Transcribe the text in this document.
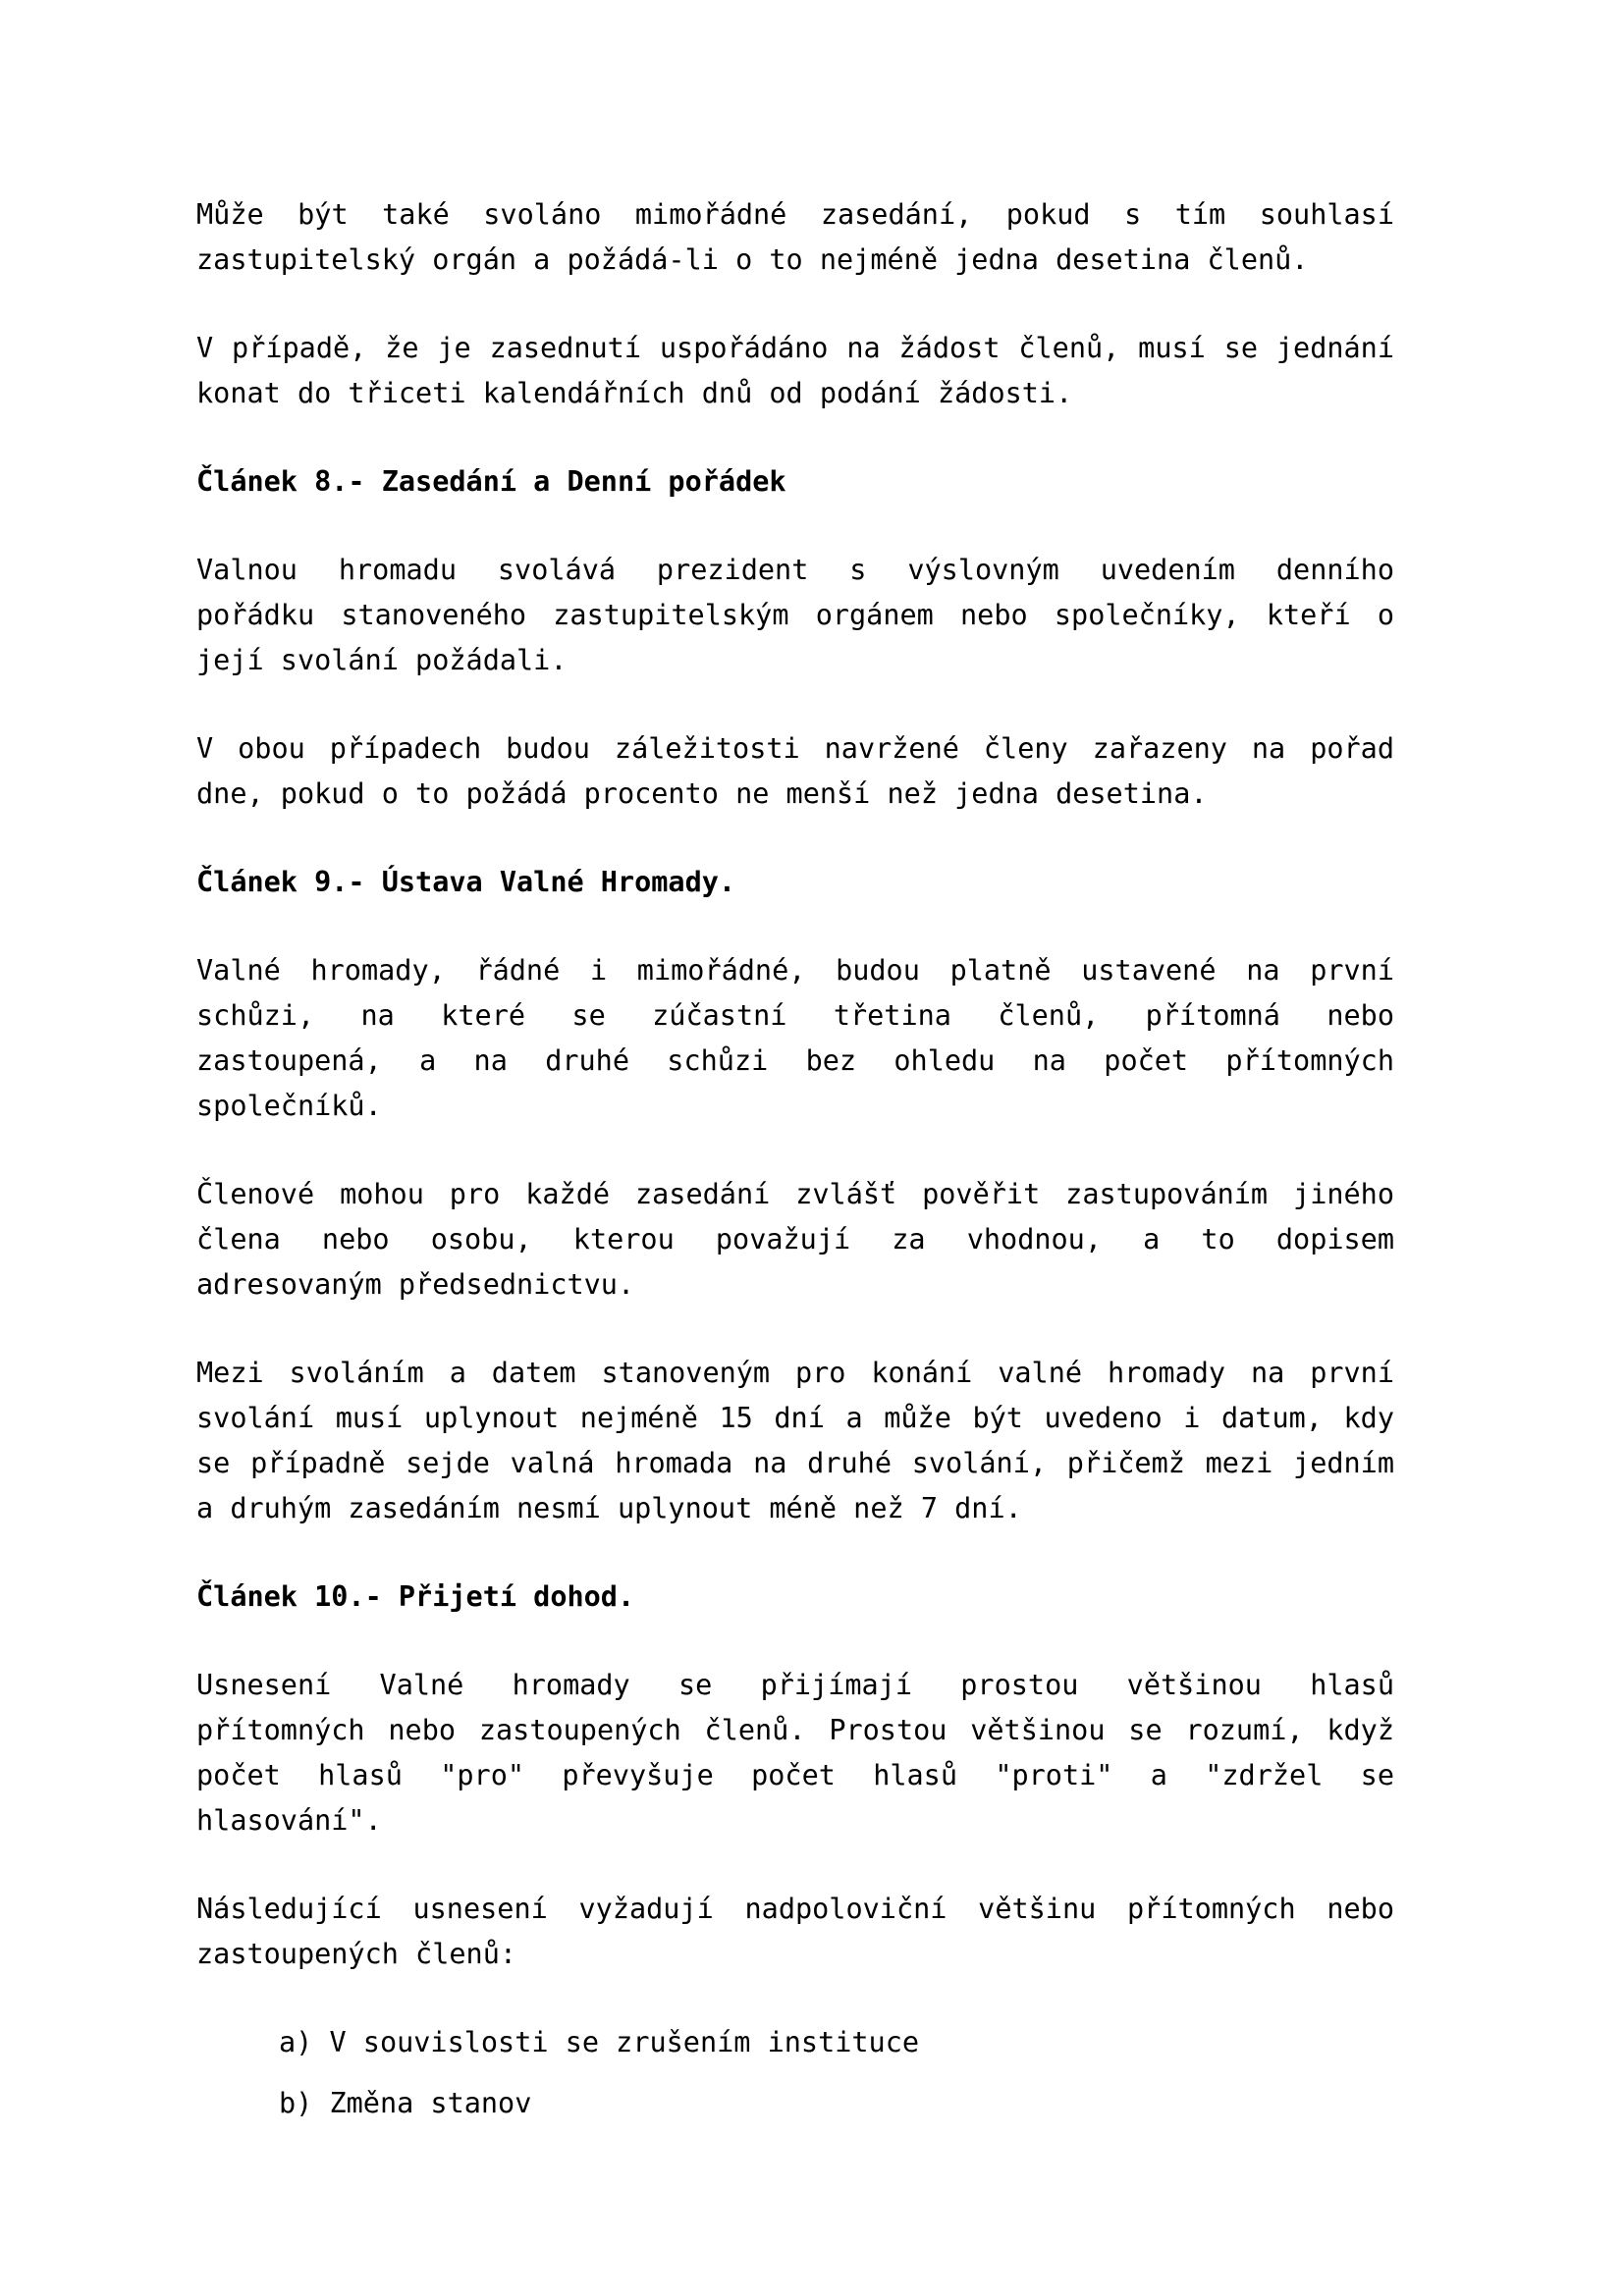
Může být také svoláno mimořádné zasedání, pokud s tím souhlasí
zastupitelský orgán a požádá-li o to nejméně jedna desetina členů.

V případě, že je zasednutí uspořádáno na žádost členů, musí se jednání
konat do třiceti kalendářních dnů od podání žádosti.

Článek 8.- Zasedání a Denní pořádek

Valnou hromadu svolává prezident s výslovným uvedením denního
pořádku stanoveného zastupitelským orgánem nebo společníky, kteří o
její svolání požádali.

V obou případech budou záležitosti navržené členy zařazeny na pořad
dne, pokud o to požádá procento ne menší než jedna desetina.

Článek 9.- Ústava Valné Hromady.

Valné hromady, řádné i mimořádné, budou platně ustavené na první
schůzi, na které se zúčastní třetina členů, přítomná nebo
zastoupená, a na druhé schůzi bez ohledu na počet přítomných
společníků.

Členové mohou pro každé zasedání zvlášť pověřit zastupováním jiného
člena nebo osobu, kterou považují za vhodnou, a to dopisem
adresovaným předsednictvu.

Mezi svoláním a datem stanoveným pro konání valné hromady na první
svolání musí uplynout nejméně 15 dní a může být uvedeno i datum, kdy
se případně sejde valná hromada na druhé svolání, přičemž mezi jedním
a druhým zasedáním nesmí uplynout méně než 7 dní.

Článek 10.- Přijetí dohod.

Usnesení Valné hromady se přijímají prostou většinou hlasů
přítomných nebo zastoupených členů. Prostou většinou se rozumí, když
počet hlasů "pro" převyšuje počet hlasů "proti" a "zdržel se
hlasování".

Následující usnesení vyžadují nadpoloviční většinu přítomných nebo
zastoupených členů:

a) V souvislosti se zrušením instituce
b) Změna stanov
